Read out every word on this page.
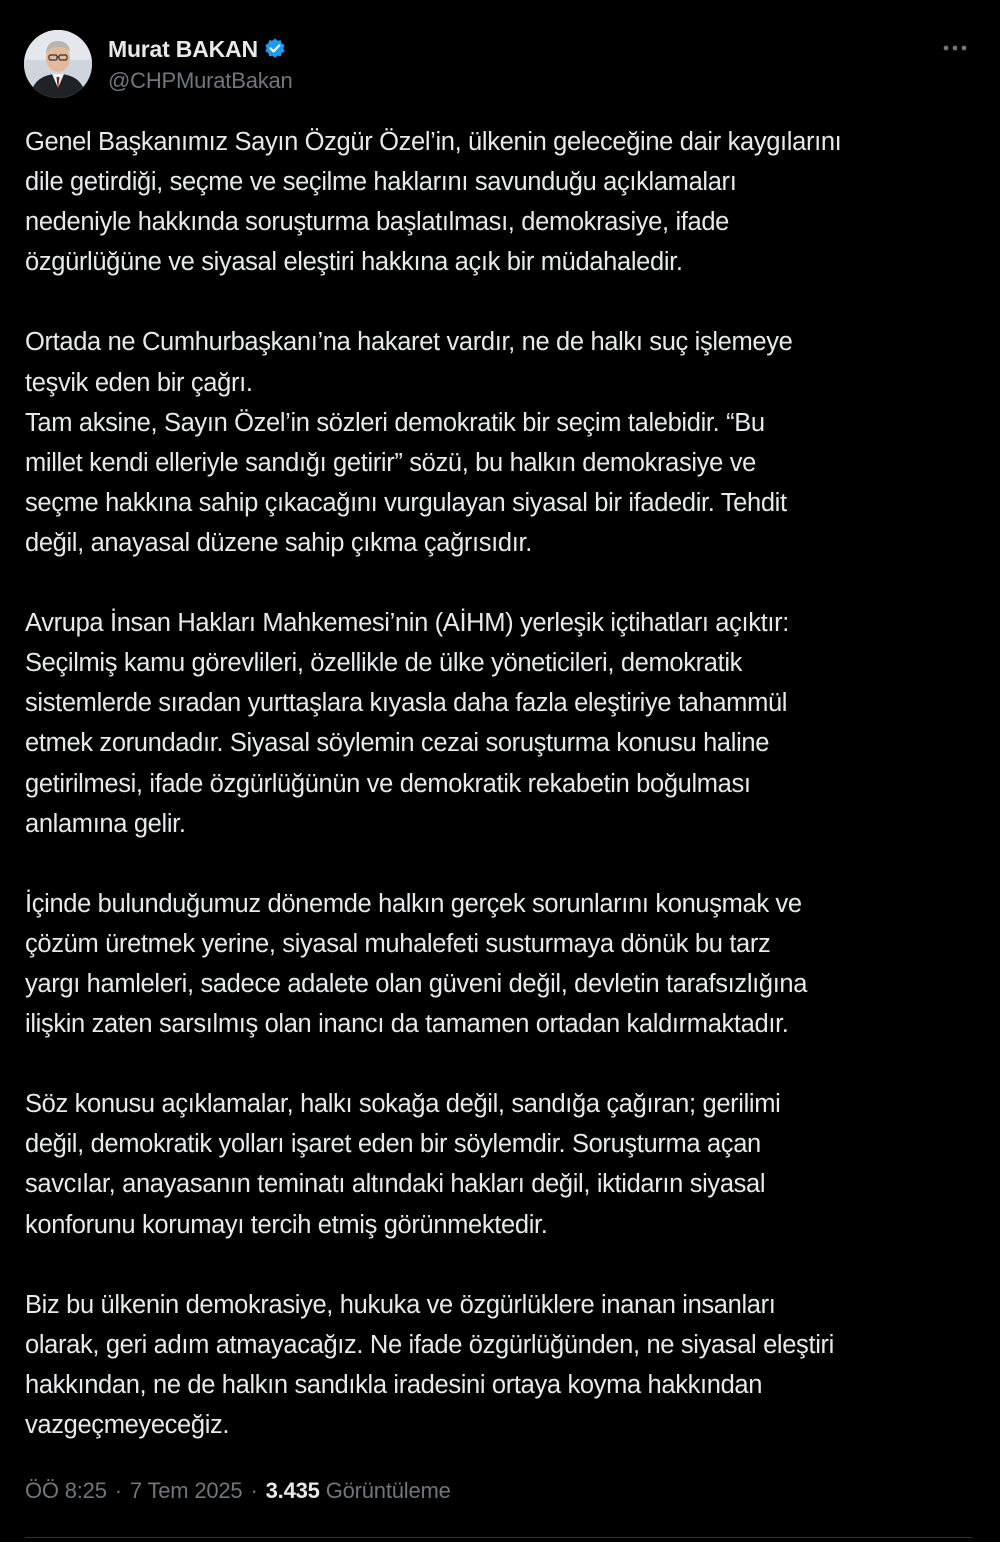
Murat BAKAN
@CHPMuratBakan

Genel Başkanımız Sayın Özgür Özel’in, ülkenin geleceğine dair kaygılarını
dile getirdiği, seçme ve seçilme haklarını savunduğu açıklamaları
nedeniyle hakkında soruşturma başlatılması, demokrasiye, ifade
özgürlüğüne ve siyasal eleştiri hakkına açık bir müdahaledir.

Ortada ne Cumhurbaşkanı’na hakaret vardır, ne de halkı suç işlemeye
teşvik eden bir çağrı.
Tam aksine, Sayın Özel’in sözleri demokratik bir seçim talebidir. “Bu
millet kendi elleriyle sandığı getirir” sözü, bu halkın demokrasiye ve
seçme hakkına sahip çıkacağını vurgulayan siyasal bir ifadedir. Tehdit
değil, anayasal düzene sahip çıkma çağrısıdır.

Avrupa İnsan Hakları Mahkemesi’nin (AİHM) yerleşik içtihatları açıktır:
Seçilmiş kamu görevlileri, özellikle de ülke yöneticileri, demokratik
sistemlerde sıradan yurttaşlara kıyasla daha fazla eleştiriye tahammül
etmek zorundadır. Siyasal söylemin cezai soruşturma konusu haline
getirilmesi, ifade özgürlüğünün ve demokratik rekabetin boğulması
anlamına gelir.

İçinde bulunduğumuz dönemde halkın gerçek sorunlarını konuşmak ve
çözüm üretmek yerine, siyasal muhalefeti susturmaya dönük bu tarz
yargı hamleleri, sadece adalete olan güveni değil, devletin tarafsızlığına
ilişkin zaten sarsılmış olan inancı da tamamen ortadan kaldırmaktadır.

Söz konusu açıklamalar, halkı sokağa değil, sandığa çağıran; gerilimi
değil, demokratik yolları işaret eden bir söylemdir. Soruşturma açan
savcılar, anayasanın teminatı altındaki hakları değil, iktidarın siyasal
konforunu korumayı tercih etmiş görünmektedir.

Biz bu ülkenin demokrasiye, hukuka ve özgürlüklere inanan insanları
olarak, geri adım atmayacağız. Ne ifade özgürlüğünden, ne siyasal eleştiri
hakkından, ne de halkın sandıkla iradesini ortaya koyma hakkından
vazgeçmeyeceğiz.

ÖÖ 8:25 · 7 Tem 2025 · 3.435 Görüntüleme
